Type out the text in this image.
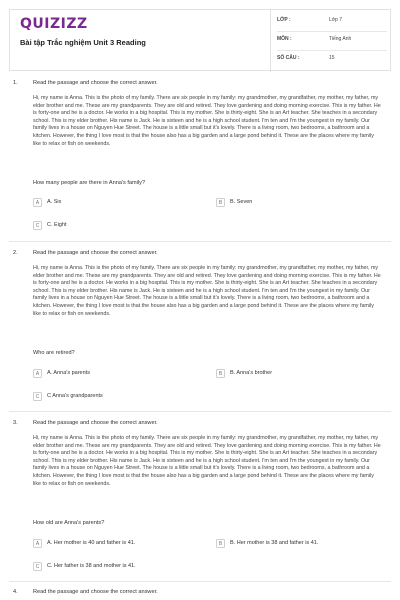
QUIZIZZ
Bài tập Trắc nghiệm Unit 3 Reading
LỚP :	Lớp 7
MÔN :	Tiếng Anh
SỐ CÂU :	15
1.	Read the passage and choose the correct answer.
Hi, my name is Anna. This is the photo of my family. There are six people in my family: my grandmother, my grandfather, my mother, my father, my elder brother and me. These are my grandparents. They are old and retired. They love gardening and doing morning exercise. This is my father. He is forty-one and he is a doctor. He works in a big hospital. This is my mother. She is thirty-eight. She is an Art teacher. She teaches in a secondary school. This is my elder brother. His name is Jack. He is sixteen and he is a high school student. I'm ten and I'm the youngest in my family. Our family lives in a house on Nguyen Hue Street. The house is a little small but it's lovely. There is a living room, two bedrooms, a bathroom and a kitchen. However, the thing I love most is that the house also has a big garden and a large pond behind it. These are the places where my family like to relax or fish on weekends.
How many people are there in Anna's family?
A	A. Six	B	B. Seven
C	C. Eight
2.	Read the passage and choose the correct answer.
Hi, my name is Anna. This is the photo of my family. There are six people in my family: my grandmother, my grandfather, my mother, my father, my elder brother and me. These are my grandparents. They are old and retired. They love gardening and doing morning exercise. This is my father. He is forty-one and he is a doctor. He works in a big hospital. This is my mother. She is thirty-eight. She is an Art teacher. She teaches in a secondary school. This is my elder brother. His name is Jack. He is sixteen and he is a high school student. I'm ten and I'm the youngest in my family. Our family lives in a house on Nguyen Hue Street. The house is a little small but it's lovely. There is a living room, two bedrooms, a bathroom and a kitchen. However, the thing I love most is that the house also has a big garden and a large pond behind it. These are the places where my family like to relax or fish on weekends.
Who are retired?
A	A. Anna's parents	B	B. Anna's brother
C	C Anna's grandparents
3.	Read the passage and choose the correct answer.
Hi, my name is Anna. This is the photo of my family. There are six people in my family: my grandmother, my grandfather, my mother, my father, my elder brother and me. These are my grandparents. They are old and retired. They love gardening and doing morning exercise. This is my father. He is forty-one and he is a doctor. He works in a big hospital. This is my mother. She is thirty-eight. She is an Art teacher. She teaches in a secondary school. This is my elder brother. His name is Jack. He is sixteen and he is a high school student. I'm ten and I'm the youngest in my family. Our family lives in a house on Nguyen Hue Street. The house is a little small but it's lovely. There is a living room, two bedrooms, a bathroom and a kitchen. However, the thing I love most is that the house also has a big garden and a large pond behind it. These are the places where my family like to relax or fish on weekends.
How old are Anna's parents?
A	A. Her mother is 40 and father is 41.	B	B. Her mother is 38 and father is 41.
C	C. Her father is 38 and mother is 41.
4.	Read the passage and choose the correct answer.
